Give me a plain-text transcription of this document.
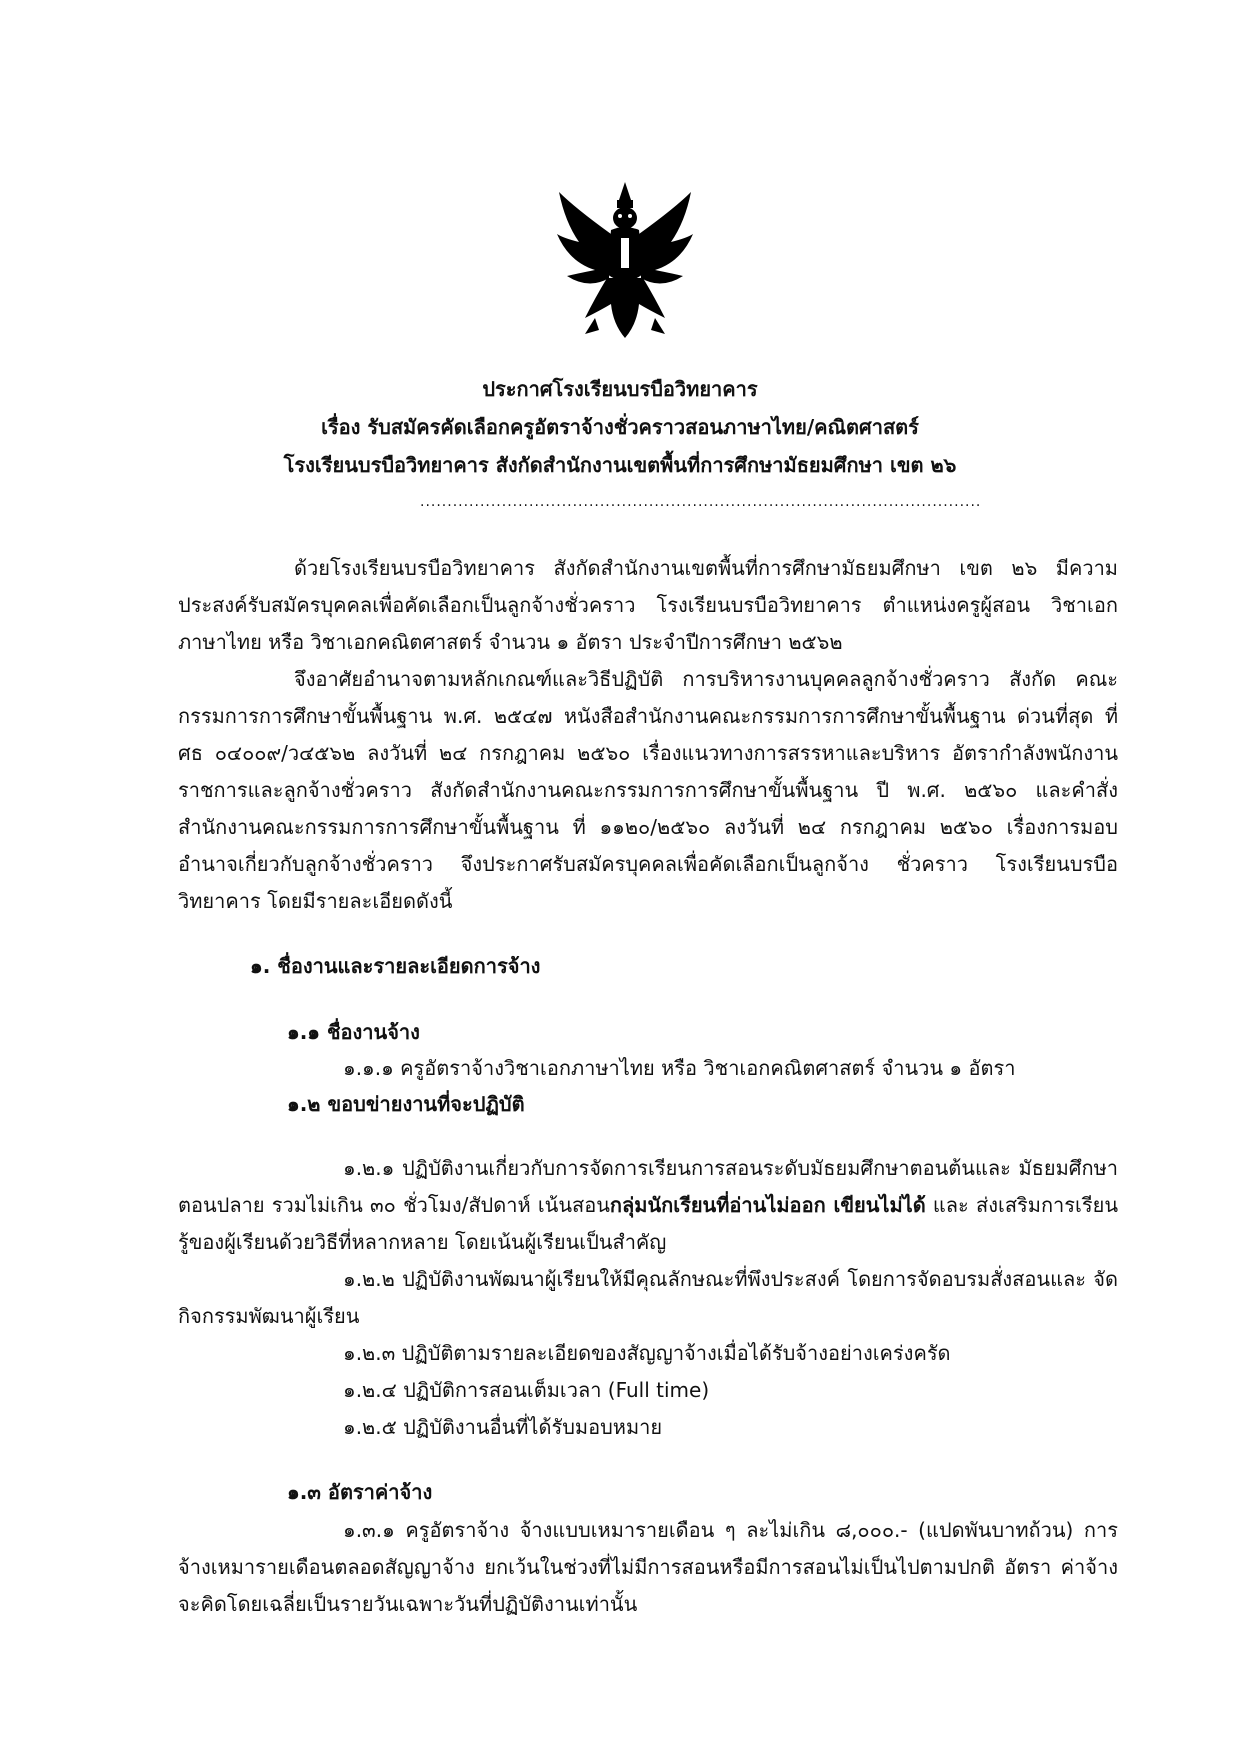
ประกาศโรงเรียนบรบือวิทยาคาร
เรื่อง รับสมัครคัดเลือกครูอัตราจ้างชั่วคราวสอนภาษาไทย/คณิตศาสตร์
โรงเรียนบรบือวิทยาคาร สังกัดสำนักงานเขตพื้นที่การศึกษามัธยมศึกษา เขต ๒๖
.......................................................................................................

ด้วยโรงเรียนบรบือวิทยาคาร สังกัดสำนักงานเขตพื้นที่การศึกษามัธยมศึกษา เขต ๒๖ มีความประสงค์รับสมัครบุคคลเพื่อคัดเลือกเป็นลูกจ้างชั่วคราว โรงเรียนบรบือวิทยาคาร ตำแหน่งครูผู้สอน วิชาเอกภาษาไทย หรือ วิชาเอกคณิตศาสตร์ จำนวน ๑ อัตรา ประจำปีการศึกษา ๒๕๖๒

จึงอาศัยอำนาจตามหลักเกณฑ์และวิธีปฏิบัติ การบริหารงานบุคคลลูกจ้างชั่วคราว สังกัด คณะกรรมการการศึกษาขั้นพื้นฐาน พ.ศ. ๒๕๔๗ หนังสือสำนักงานคณะกรรมการการศึกษาขั้นพื้นฐาน ด่วนที่สุด ที่ ศธ ๐๔๐๐๙/ว๔๕๖๒ ลงวันที่ ๒๔ กรกฎาคม ๒๕๖๐ เรื่องแนวทางการสรรหาและบริหาร อัตรากำลังพนักงานราชการและลูกจ้างชั่วคราว สังกัดสำนักงานคณะกรรมการการศึกษาขั้นพื้นฐาน ปี พ.ศ. ๒๕๖๐ และคำสั่งสำนักงานคณะกรรมการการศึกษาขั้นพื้นฐาน ที่ ๑๑๒๐/๒๕๖๐ ลงวันที่ ๒๔ กรกฎาคม ๒๕๖๐ เรื่องการมอบอำนาจเกี่ยวกับลูกจ้างชั่วคราว จึงประกาศรับสมัครบุคคลเพื่อคัดเลือกเป็นลูกจ้าง ชั่วคราว โรงเรียนบรบือวิทยาคาร โดยมีรายละเอียดดังนี้

๑. ชื่องานและรายละเอียดการจ้าง
๑.๑ ชื่องานจ้าง
๑.๑.๑ ครูอัตราจ้างวิชาเอกภาษาไทย หรือ วิชาเอกคณิตศาสตร์ จำนวน ๑ อัตรา
๑.๒ ขอบข่ายงานที่จะปฏิบัติ

๑.๒.๑ ปฏิบัติงานเกี่ยวกับการจัดการเรียนการสอนระดับมัธยมศึกษาตอนต้นและ มัธยมศึกษาตอนปลาย รวมไม่เกิน ๓๐ ชั่วโมง/สัปดาห์ เน้นสอนกลุ่มนักเรียนที่อ่านไม่ออก เขียนไม่ได้ และ ส่งเสริมการเรียนรู้ของผู้เรียนด้วยวิธีที่หลากหลาย โดยเน้นผู้เรียนเป็นสำคัญ

๑.๒.๒ ปฏิบัติงานพัฒนาผู้เรียนให้มีคุณลักษณะที่พึงประสงค์ โดยการจัดอบรมสั่งสอนและ จัดกิจกรรมพัฒนาผู้เรียน

๑.๒.๓ ปฏิบัติตามรายละเอียดของสัญญาจ้างเมื่อได้รับจ้างอย่างเคร่งครัด
๑.๒.๔ ปฏิบัติการสอนเต็มเวลา (Full time)
๑.๒.๕ ปฏิบัติงานอื่นที่ได้รับมอบหมาย
๑.๓ อัตราค่าจ้าง

๑.๓.๑ ครูอัตราจ้าง จ้างแบบเหมารายเดือน ๆ ละไม่เกิน ๘,๐๐๐.- (แปดพันบาทถ้วน) การจ้างเหมารายเดือนตลอดสัญญาจ้าง ยกเว้นในช่วงที่ไม่มีการสอนหรือมีการสอนไม่เป็นไปตามปกติ อัตรา ค่าจ้างจะคิดโดยเฉลี่ยเป็นรายวันเฉพาะวันที่ปฏิบัติงานเท่านั้น
